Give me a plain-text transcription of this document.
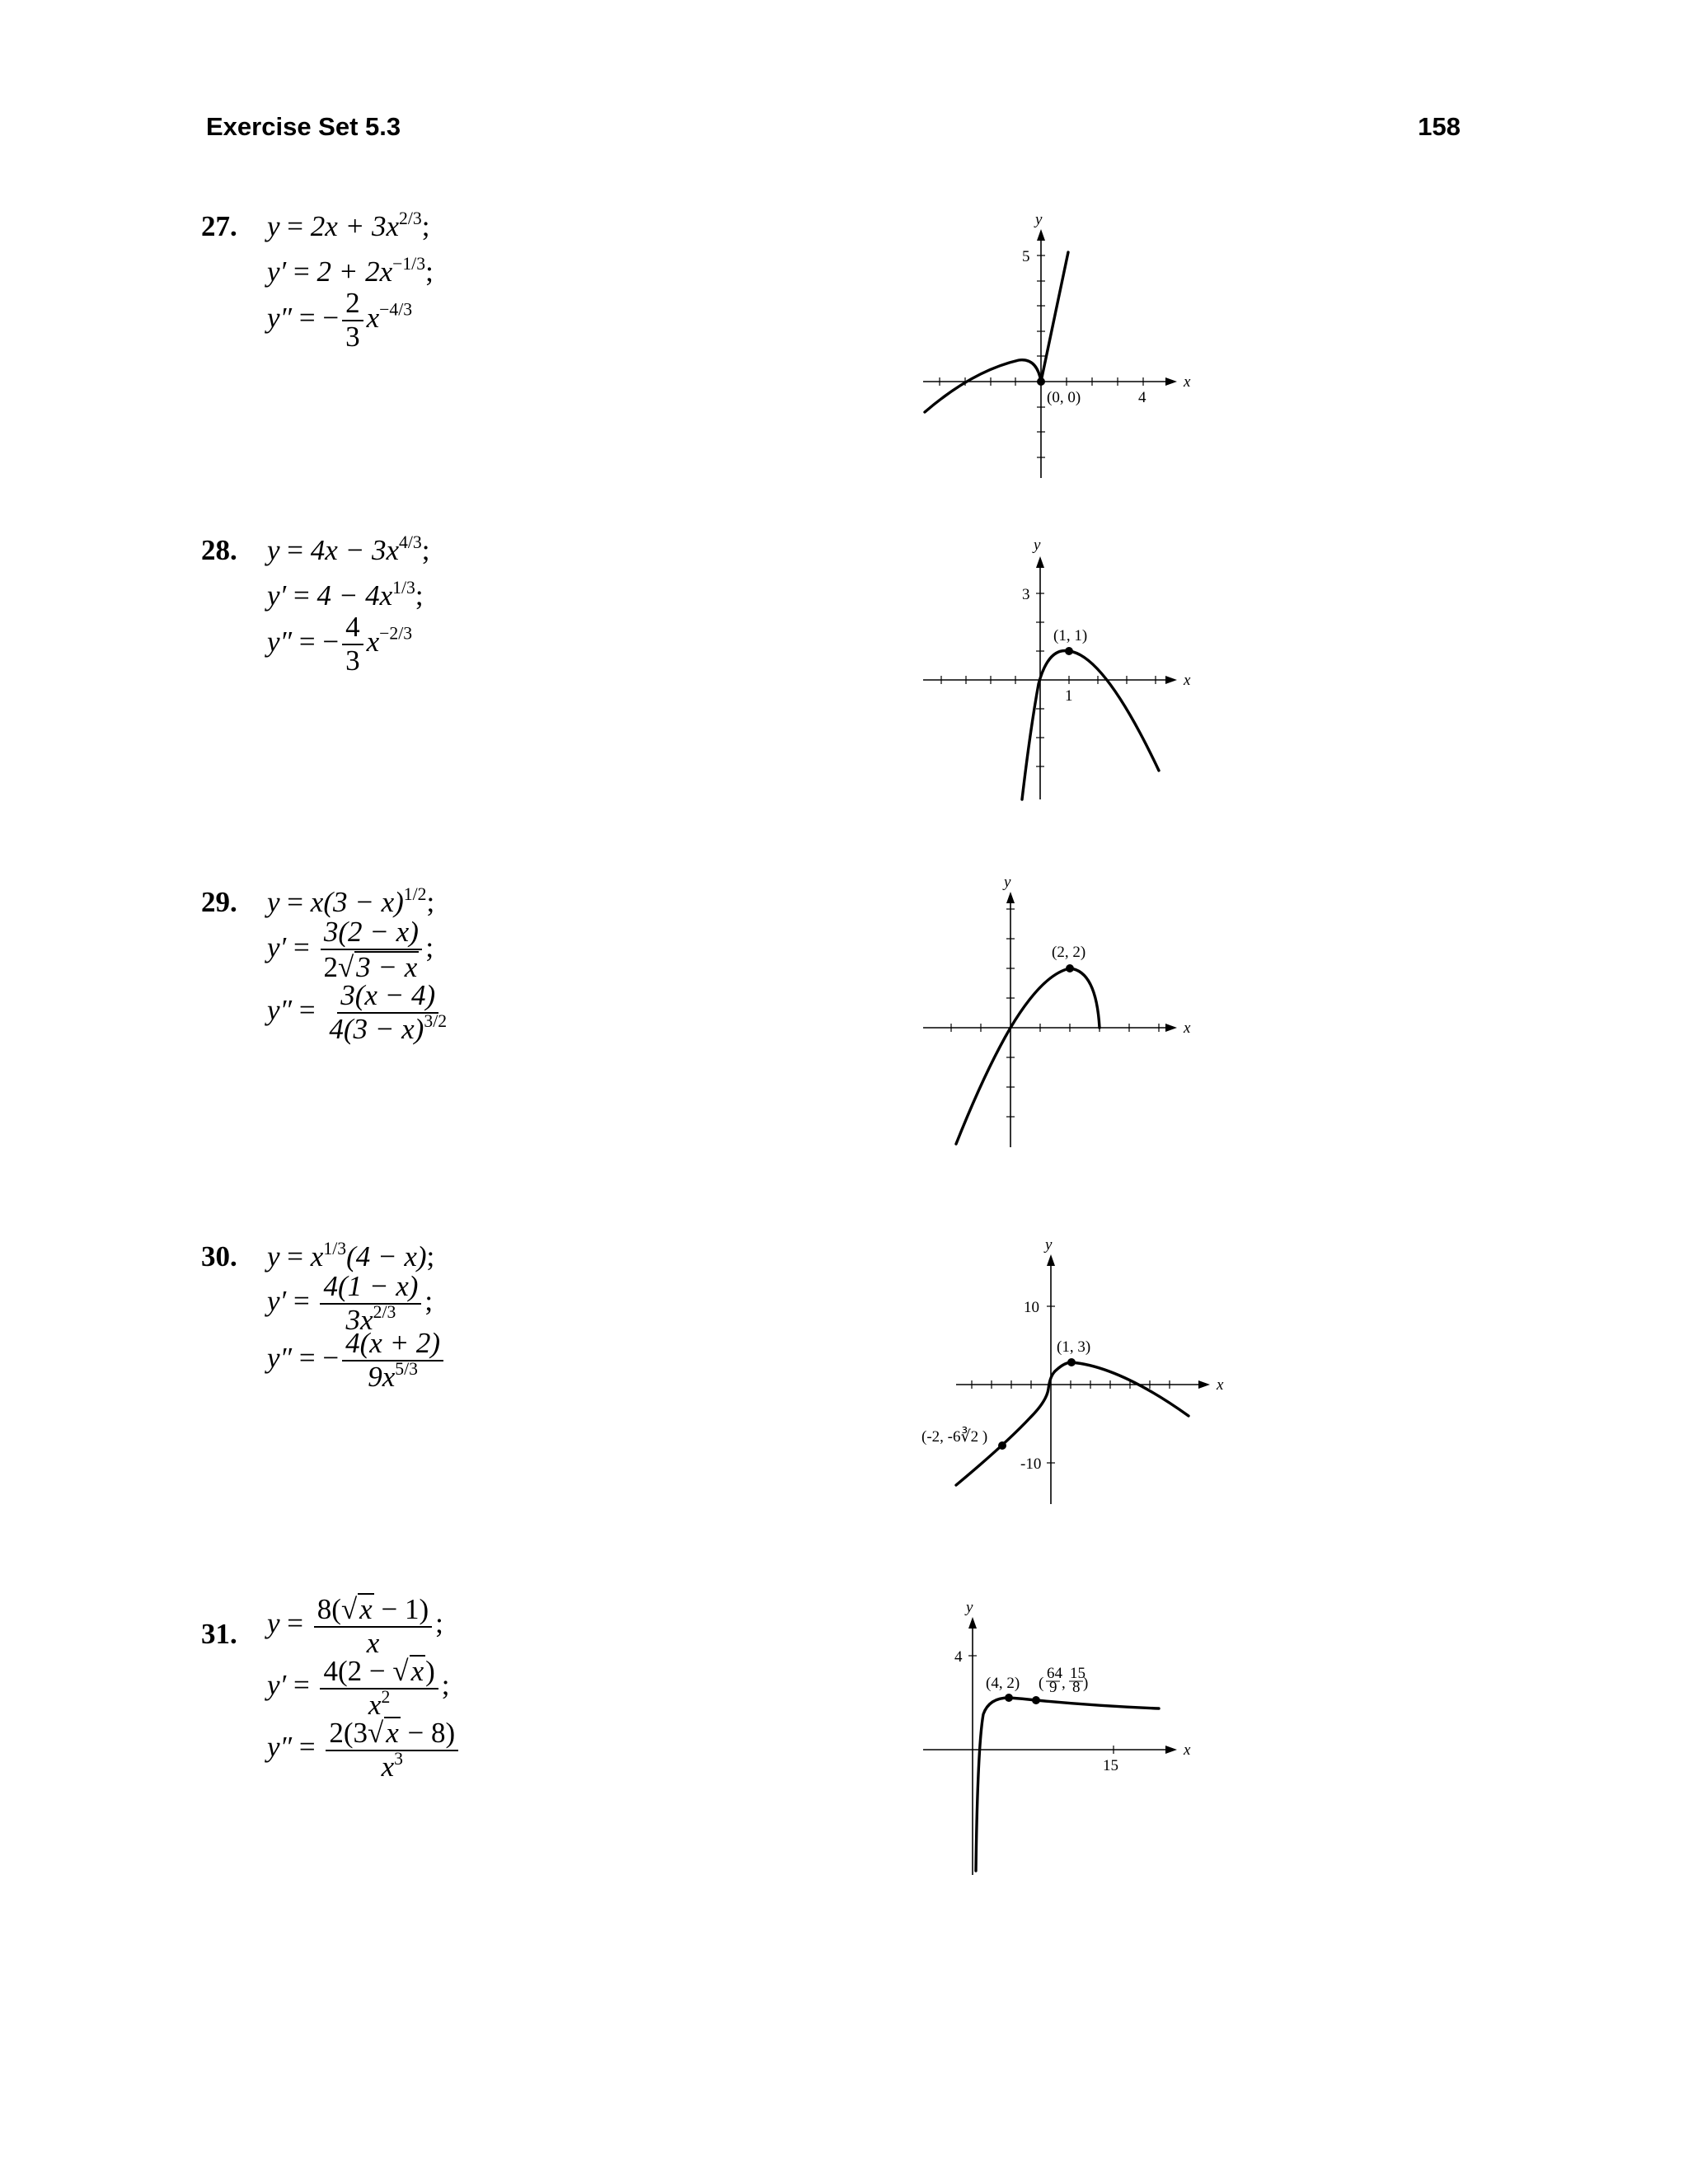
Exercise Set 5.3	158
27. $y = 2x + 3x^{2/3}$;
$y' = 2 + 2x^{-1/3}$;
y″ = − $\frac{2}{3} x^{-4/3}$
y
x
5
4
(0, 0)
28. $y = 4x - 3x^{4/3}$;
$y' = 4 - 4x^{1/3}$;
y″ = − $\frac{4}{3} x^{-2/3}$
y
x
3
1
(1, 1)
29. $y = x(3 - x)^{1/2}$;
$y' = \frac{3(2 - x)}{2√3 - x}$ ;
$y'' = \frac{3(x - 4)}{4(3 - x)^{3/2}}$
y
x
(2, 2)
30. $y = x^{1/3}(4 - x)$;
$y' = \frac{4(1 - x)}{3x^{2/3}}$ ;
y″ = − $\frac{4(x + 2)}{9x^{5/3}}$
y
x
10
-10
(1, 3)
(-2, -6∛2 )
31. $y = \frac{8(√x - 1)}{x}$ ;
$y' = \frac{4(2 - √x)}{x^2}$ ;
$y'' = \frac{2(3√x - 8)}{x^3}$
y
x
4
15
(4, 2) (
64
9 ,
15
8 )
